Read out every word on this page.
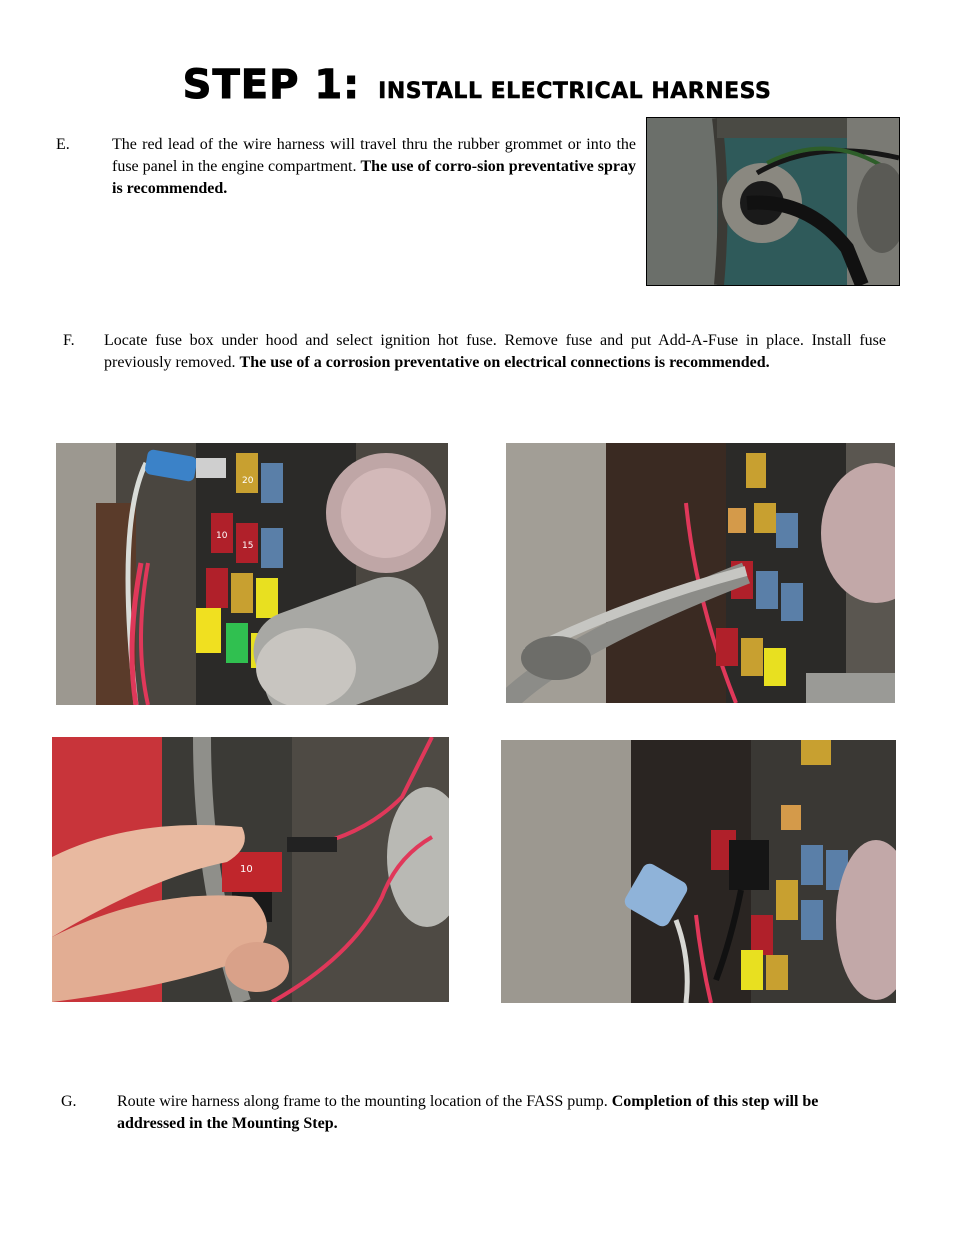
STEP 1: INSTALL ELECTRICAL HARNESS
E.	The red lead of the wire harness will travel thru the rubber grommet or into the fuse panel in the engine compartment. The use of corro-sion preventative spray is recommended.
F. Locate fuse box under hood and select ignition hot fuse. Remove fuse and put Add-A-Fuse in place. Install fuse previously removed. The use of a corrosion preventative on electrical connections is recommended.
20
15
10
10
G.	Route wire harness along frame to the mounting location of the FASS pump. Completion of this step will be addressed in the Mounting Step.
